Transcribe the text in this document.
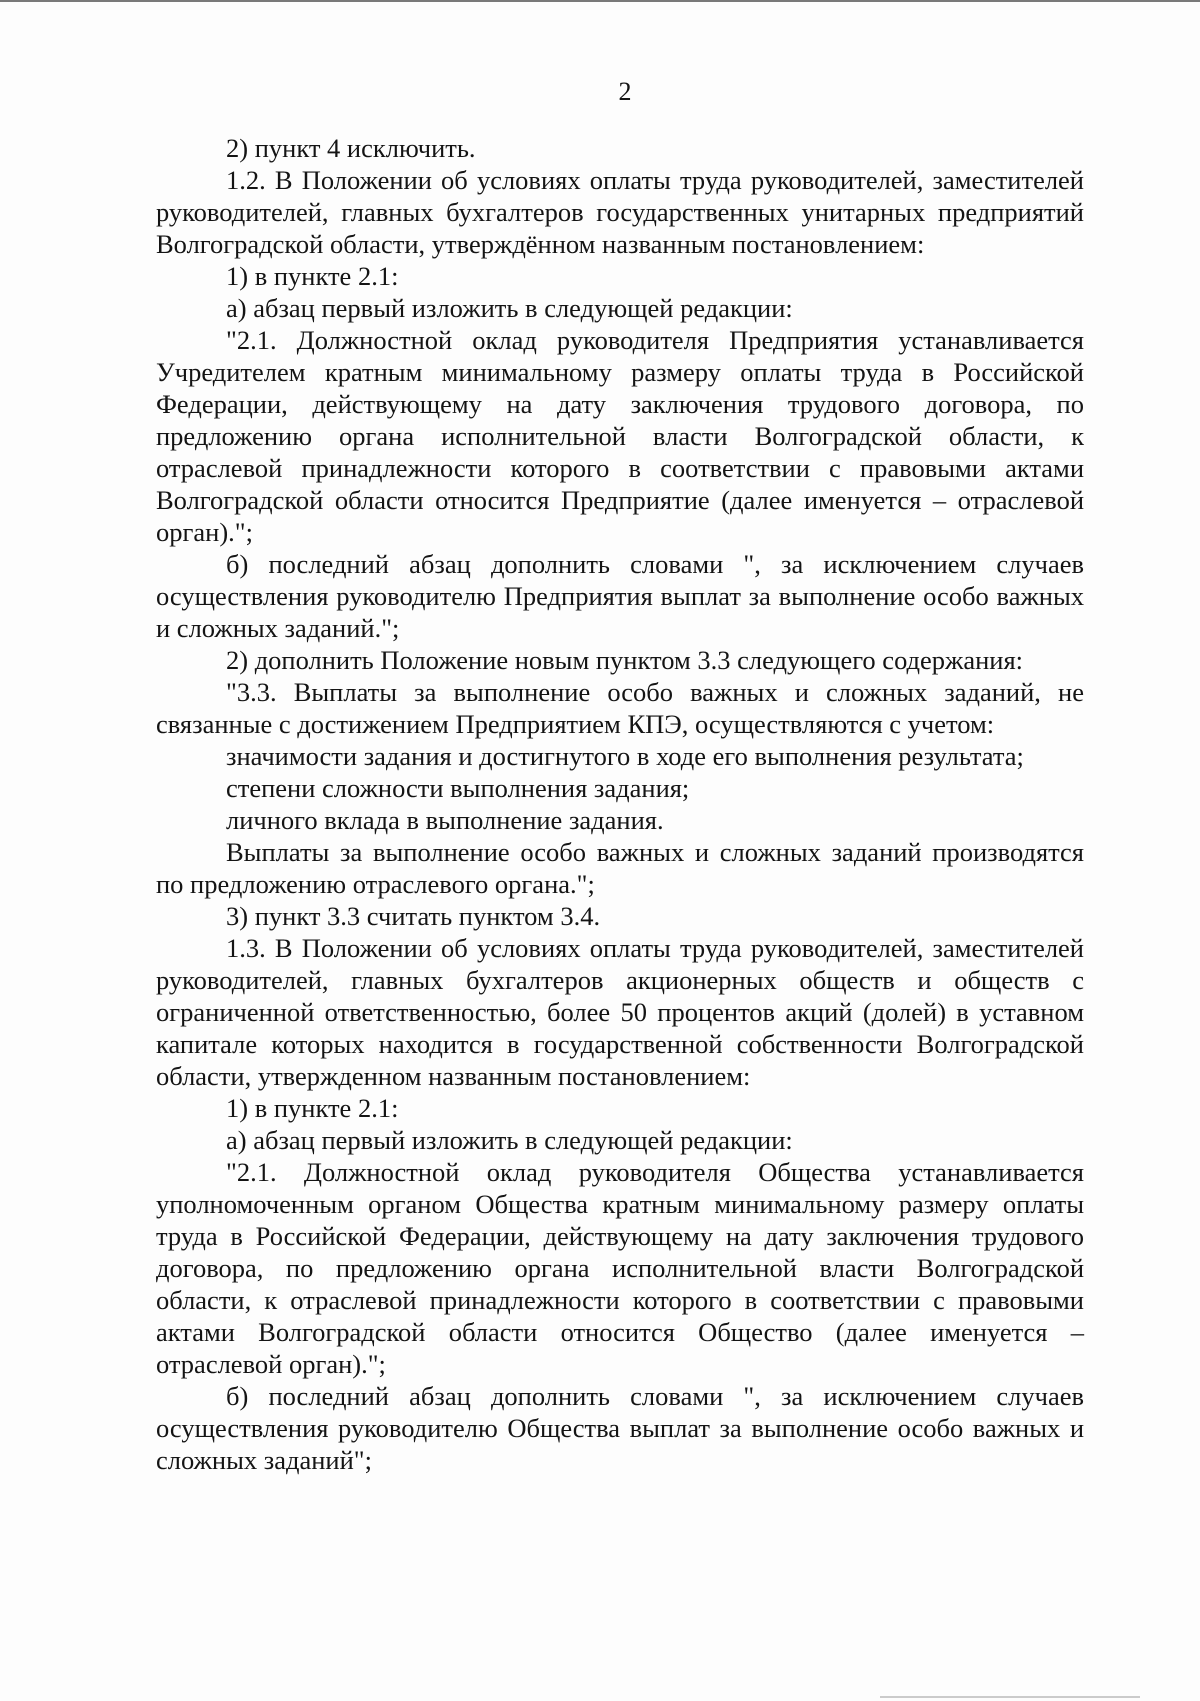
2

2) пункт 4 исключить.

1.2. В Положении об условиях оплаты труда руководителей, заместителей руководителей, главных бухгалтеров государственных унитарных предприятий Волгоградской области, утверждённом названным постановлением:

1) в пункте 2.1:

а) абзац первый изложить в следующей редакции:

"2.1. Должностной оклад руководителя Предприятия устанавливается Учредителем кратным минимальному размеру оплаты труда в Российской Федерации, действующему на дату заключения трудового договора, по предложению органа исполнительной власти Волгоградской области, к отраслевой принадлежности которого в соответствии с правовыми актами Волгоградской области относится Предприятие (далее именуется – отраслевой орган).";

б) последний абзац дополнить словами ", за исключением случаев осуществления руководителю Предприятия выплат за выполнение особо важных и сложных заданий.";

2) дополнить Положение новым пунктом 3.3 следующего содержания:

"3.3. Выплаты за выполнение особо важных и сложных заданий, не связанные с достижением Предприятием КПЭ, осуществляются с учетом:

значимости задания и достигнутого в ходе его выполнения результата;

степени сложности выполнения задания;

личного вклада в выполнение задания.

Выплаты за выполнение особо важных и сложных заданий производятся по предложению отраслевого органа.";

3) пункт 3.3 считать пунктом 3.4.

1.3. В Положении об условиях оплаты труда руководителей, заместителей руководителей, главных бухгалтеров акционерных обществ и обществ с ограниченной ответственностью, более 50 процентов акций (долей) в уставном капитале которых находится в государственной собственности Волгоградской области, утвержденном названным постановлением:

1) в пункте 2.1:

а) абзац первый изложить в следующей редакции:

"2.1. Должностной оклад руководителя Общества устанавливается уполномоченным органом Общества кратным минимальному размеру оплаты труда в Российской Федерации, действующему на дату заключения трудового договора, по предложению органа исполнительной власти Волгоградской области, к отраслевой принадлежности которого в соответствии с правовыми актами Волгоградской области относится Общество (далее именуется – отраслевой орган).";

б) последний абзац дополнить словами ", за исключением случаев осуществления руководителю Общества выплат за выполнение особо важных и сложных заданий";
